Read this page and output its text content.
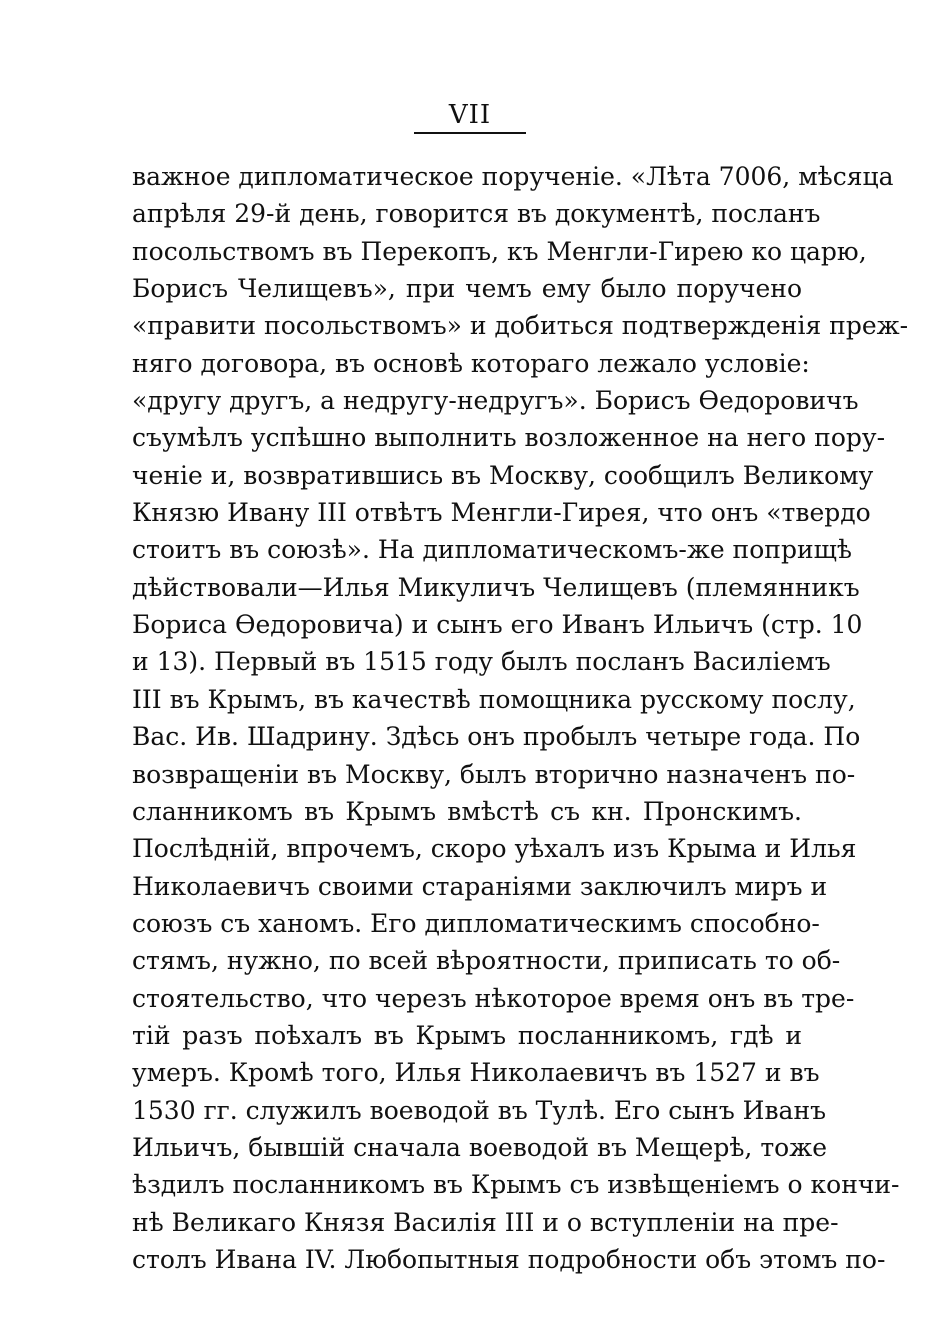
VII
важное дипломатическое порученіе. «Лѣта 7006, мѣсяца
апрѣля 29-й день, говорится въ документѣ, посланъ
посольствомъ въ Перекопъ, къ Менгли-Гирею ко царю,
Борисъ Челищевъ», при чемъ ему было поручено
«правити посольствомъ» и добиться подтвержденія преж-
няго договора, въ основѣ котораго лежало условіе:
«другу другъ, а недругу-недругъ». Борисъ Ѳедоровичъ
съумѣлъ успѣшно выполнить возложенное на него пору-
ченіе и, возвратившись въ Москву, сообщилъ Великому
Князю Ивану III отвѣтъ Менгли-Гирея, что онъ «твердо
стоитъ въ союзѣ». На дипломатическомъ-же поприщѣ
дѣйствовали—Илья Микуличъ Челищевъ (племянникъ
Бориса Ѳедоровича) и сынъ его Иванъ Ильичъ (стр. 10
и 13). Первый въ 1515 году былъ посланъ Василіемъ
III въ Крымъ, въ качествѣ помощника русскому послу,
Вас. Ив. Шадрину. Здѣсь онъ пробылъ четыре года. По
возвращеніи въ Москву, былъ вторично назначенъ по-
сланникомъ въ Крымъ вмѣстѣ съ кн. Пронскимъ.
Послѣдній, впрочемъ, скоро уѣхалъ изъ Крыма и Илья
Николаевичъ своими стараніями заключилъ миръ и
союзъ съ ханомъ. Его дипломатическимъ способно-
стямъ, нужно, по всей вѣроятности, приписать то об-
стоятельство, что черезъ нѣкоторое время онъ въ тре-
тій разъ поѣхалъ въ Крымъ посланникомъ, гдѣ и
умеръ. Кромѣ того, Илья Николаевичъ въ 1527 и въ
1530 гг. служилъ воеводой въ Тулѣ. Его сынъ Иванъ
Ильичъ, бывшій сначала воеводой въ Мещерѣ, тоже
ѣздилъ посланникомъ въ Крымъ съ извѣщеніемъ о кончи-
нѣ Великаго Князя Василія III и о вступленіи на пре-
столъ Ивана IV. Любопытныя подробности объ этомъ по-
